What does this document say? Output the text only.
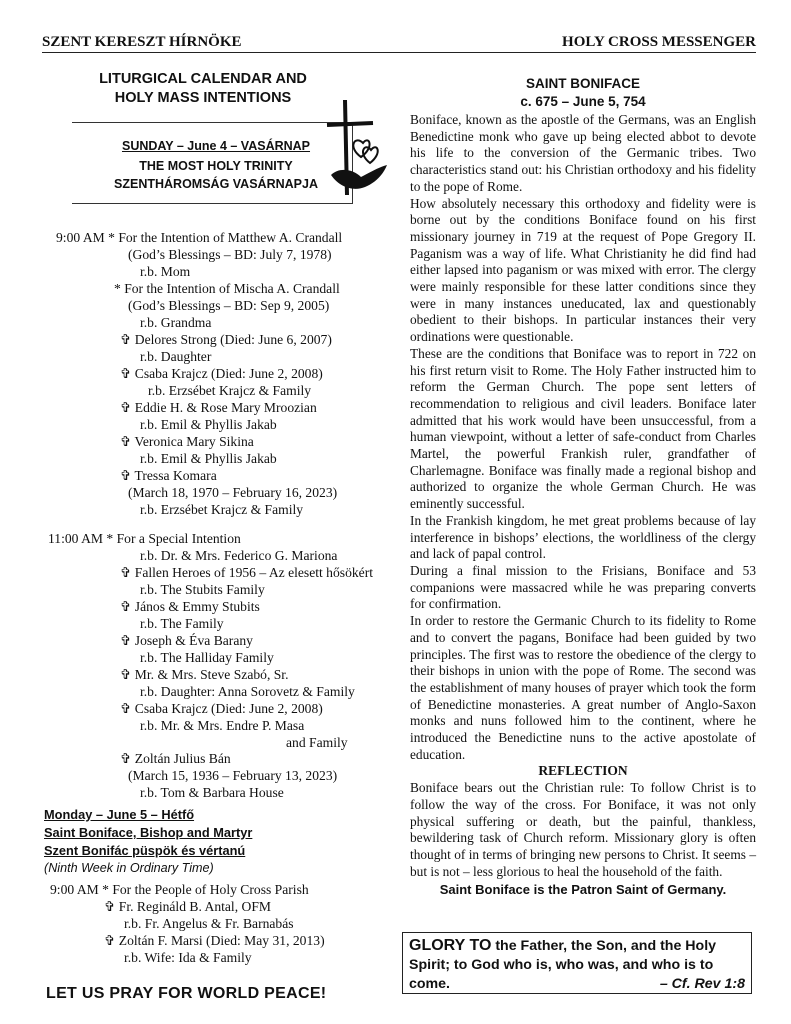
SZENT KERESZT HÍRNÖKE	HOLY CROSS MESSENGER
LITURGICAL CALENDAR AND
HOLY MASS INTENTIONS
SUNDAY – June 4 – VASÁRNAP
THE MOST HOLY TRINITY
SZENTHÁROMSÁG VASÁRNAPJA
9:00 AM * For the Intention of Matthew A. Crandall
(God’s Blessings – BD: July 7, 1978)
r.b. Mom
* For the Intention of Mischa A. Crandall
(God’s Blessings – BD: Sep 9, 2005)
r.b. Grandma
✞ Delores Strong (Died: June 6, 2007)
r.b. Daughter
✞ Csaba Krajcz (Died: June 2, 2008)
r.b. Erzsébet Krajcz & Family
✞ Eddie H. & Rose Mary Mroozian
r.b. Emil & Phyllis Jakab
✞ Veronica Mary Sikina
r.b. Emil & Phyllis Jakab
✞ Tressa Komara
(March 18, 1970 – February 16, 2023)
r.b. Erzsébet Krajcz & Family
11:00 AM * For a Special Intention
r.b. Dr. & Mrs. Federico G. Mariona
✞ Fallen Heroes of 1956 – Az elesett hősökért
r.b. The Stubits Family
✞ János & Emmy Stubits
r.b. The Family
✞ Joseph & Éva Barany
r.b. The Halliday Family
✞ Mr. & Mrs. Steve Szabó, Sr.
r.b. Daughter: Anna Sorovetz & Family
✞ Csaba Krajcz (Died: June 2, 2008)
r.b. Mr. & Mrs. Endre P. Masa
and Family
✞ Zoltán Julius Bán
(March 15, 1936 – February 13, 2023)
r.b. Tom & Barbara House
Monday – June 5 – Hétfő
Saint Boniface, Bishop and Martyr
Szent Bonifác püspök és vértanú
(Ninth Week in Ordinary Time)
9:00 AM * For the People of Holy Cross Parish
✞ Fr. Regináld B. Antal, OFM
r.b. Fr. Angelus & Fr. Barnabás
✞ Zoltán F. Marsi (Died: May 31, 2013)
r.b. Wife: Ida & Family
LET US PRAY FOR WORLD PEACE!
SAINT BONIFACE
c. 675 – June 5, 754

Boniface, known as the apostle of the Germans, was an English Benedictine monk who gave up being elected abbot to devote his life to the conversion of the Germanic tribes. Two characteristics stand out: his Christian orthodoxy and his fidelity to the pope of Rome.

How absolutely necessary this orthodoxy and fidelity were is borne out by the conditions Boniface found on his first missionary journey in 719 at the request of Pope Gregory II. Paganism was a way of life. What Christianity he did find had either lapsed into paganism or was mixed with error. The clergy were mainly responsible for these latter conditions since they were in many instances uneducated, lax and questionably obedient to their bishops. In particular instances their very ordinations were questionable.

These are the conditions that Boniface was to report in 722 on his first return visit to Rome. The Holy Father instructed him to reform the German Church. The pope sent letters of recommendation to religious and civil leaders. Boniface later admitted that his work would have been unsuccessful, from a human viewpoint, without a letter of safe-conduct from Charles Martel, the powerful Frankish ruler, grandfather of Charlemagne. Boniface was finally made a regional bishop and authorized to organize the whole German Church. He was eminently successful.

In the Frankish kingdom, he met great problems because of lay interference in bishops’ elections, the worldliness of the clergy and lack of papal control.

During a final mission to the Frisians, Boniface and 53 companions were massacred while he was preparing converts for confirmation.

In order to restore the Germanic Church to its fidelity to Rome and to convert the pagans, Boniface had been guided by two principles. The first was to restore the obedience of the clergy to their bishops in union with the pope of Rome. The second was the establishment of many houses of prayer which took the form of Benedictine monasteries. A great number of Anglo-Saxon monks and nuns followed him to the continent, where he introduced the Benedictine nuns to the active apostolate of education.

REFLECTION

Boniface bears out the Christian rule: To follow Christ is to follow the way of the cross. For Boniface, it was not only physical suffering or death, but the painful, thankless, bewildering task of Church reform. Missionary glory is often thought of in terms of bringing new persons to Christ. It seems – but is not – less glorious to heal the household of the faith.

Saint Boniface is the Patron Saint of Germany.

GLORY TO the Father, the Son, and the Holy Spirit; to God who is, who was, and who is to come.	– Cf. Rev 1:8
